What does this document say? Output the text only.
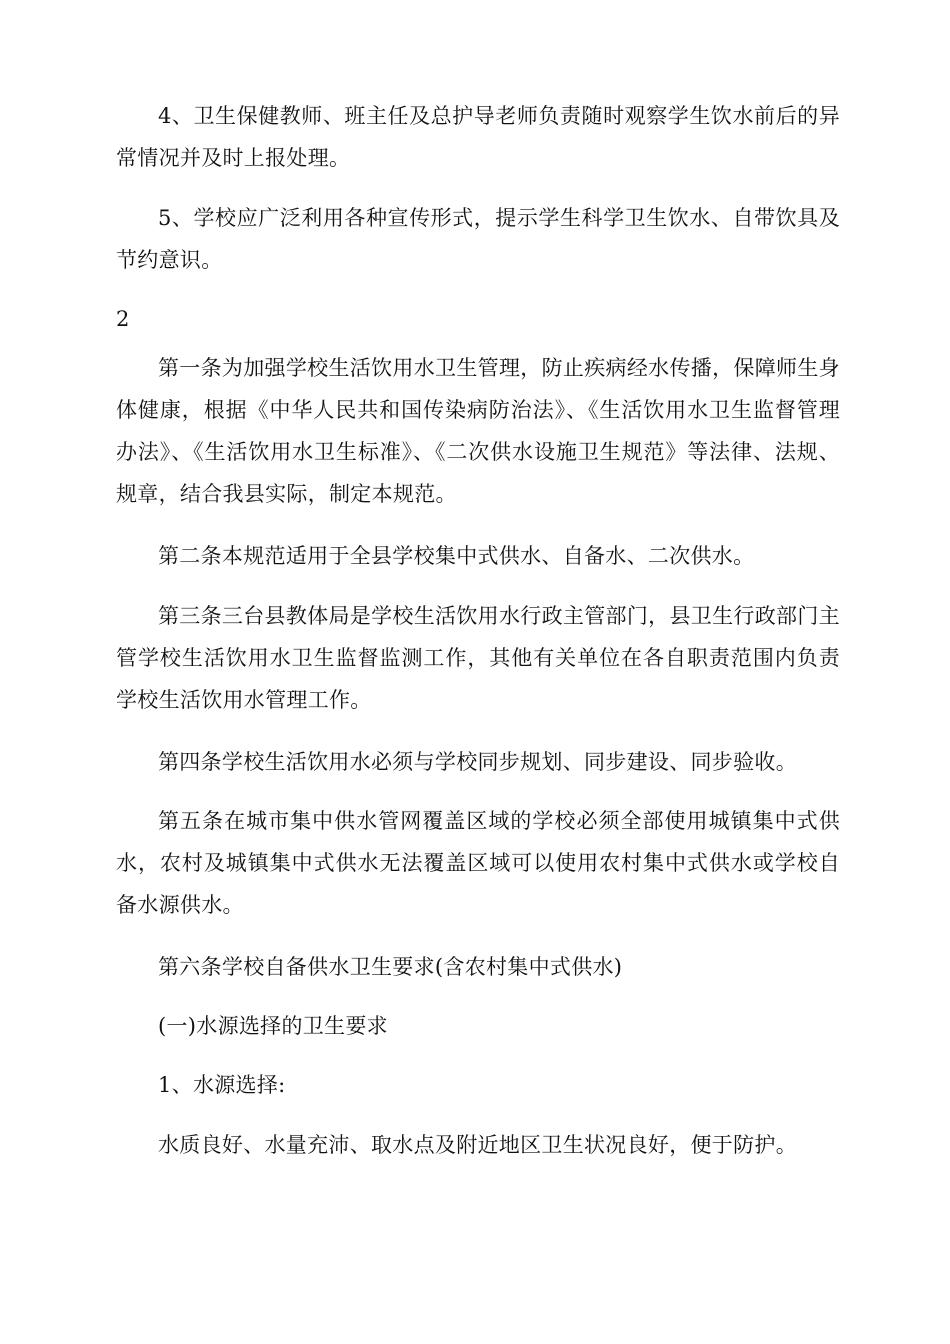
4、卫生保健教师、班主任及总护导老师负责随时观察学生饮水前后的异常情况并及时上报处理。

5、学校应广泛利用各种宣传形式，提示学生科学卫生饮水、自带饮具及节约意识。

2

第一条为加强学校生活饮用水卫生管理，防止疾病经水传播，保障师生身体健康，根据《中华人民共和国传染病防治法》、《生活饮用水卫生监督管理办法》、《生活饮用水卫生标准》、《二次供水设施卫生规范》等法律、法规、规章，结合我县实际，制定本规范。

第二条本规范适用于全县学校集中式供水、自备水、二次供水。

第三条三台县教体局是学校生活饮用水行政主管部门，县卫生行政部门主管学校生活饮用水卫生监督监测工作，其他有关单位在各自职责范围内负责学校生活饮用水管理工作。

第四条学校生活饮用水必须与学校同步规划、同步建设、同步验收。

第五条在城市集中供水管网覆盖区域的学校必须全部使用城镇集中式供水，农村及城镇集中式供水无法覆盖区域可以使用农村集中式供水或学校自备水源供水。

第六条学校自备供水卫生要求(含农村集中式供水)

(一)水源选择的卫生要求

1、水源选择:

水质良好、水量充沛、取水点及附近地区卫生状况良好，便于防护。
